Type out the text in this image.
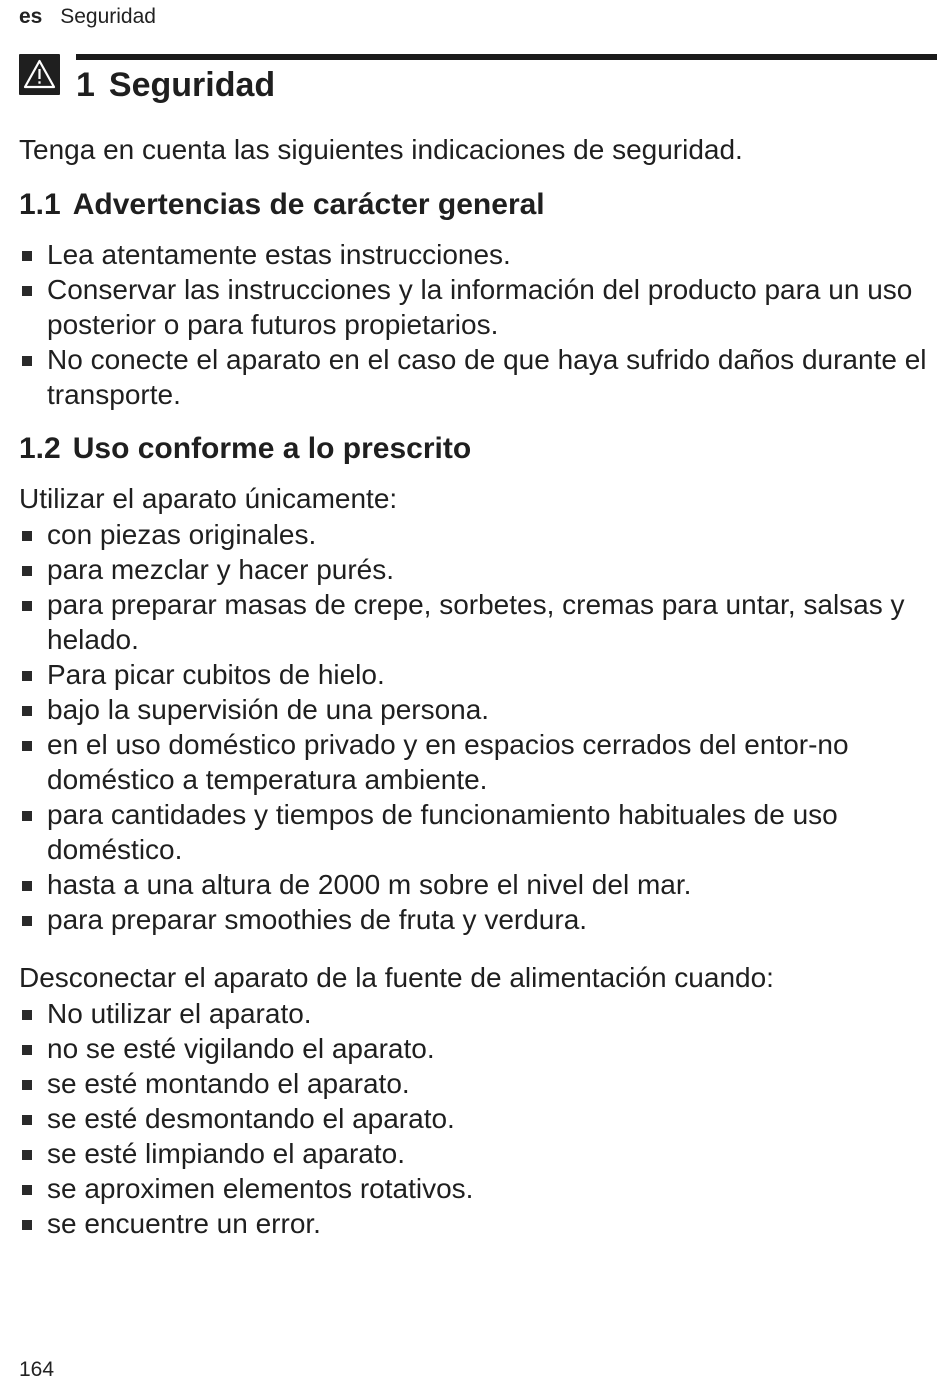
es Seguridad
1 Seguridad
Tenga en cuenta las siguientes indicaciones de seguridad.
1.1 Advertencias de carácter general
Lea atentamente estas instrucciones.
Conservar las instrucciones y la información del producto para un uso posterior o para futuros propietarios.
No conecte el aparato en el caso de que haya sufrido daños durante el transporte.
1.2 Uso conforme a lo prescrito
Utilizar el aparato únicamente:
con piezas originales.
para mezclar y hacer purés.
para preparar masas de crepe, sorbetes, cremas para untar, salsas y helado.
Para picar cubitos de hielo.
bajo la supervisión de una persona.
en el uso doméstico privado y en espacios cerrados del entor-no doméstico a temperatura ambiente.
para cantidades y tiempos de funcionamiento habituales de uso doméstico.
hasta a una altura de 2000 m sobre el nivel del mar.
para preparar smoothies de fruta y verdura.
Desconectar el aparato de la fuente de alimentación cuando:
No utilizar el aparato.
no se esté vigilando el aparato.
se esté montando el aparato.
se esté desmontando el aparato.
se esté limpiando el aparato.
se aproximen elementos rotativos.
se encuentre un error.
164
